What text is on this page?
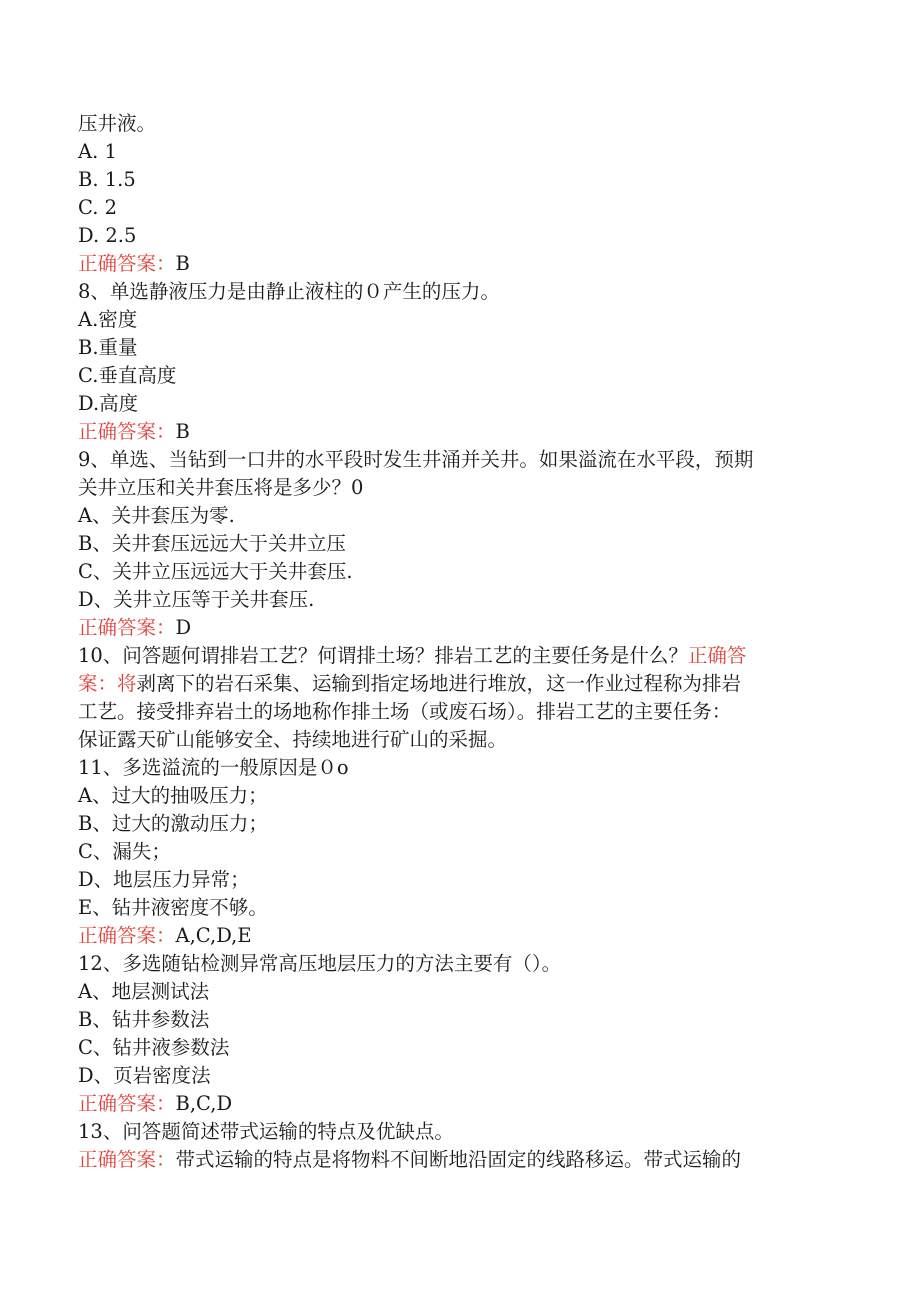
压井液。
A. 1
B. 1.5
C. 2
D. 2.5
正确答案：B
8、单选静液压力是由静止液柱的０产生的压力。
A.密度
B.重量
C.垂直高度
D.高度
正确答案：B
9、单选、当钻到一口井的水平段时发生井涌并关井。如果溢流在水平段，预期
关井立压和关井套压将是多少？0
A、关井套压为零.
B、关井套压远远大于关井立压
C、关井立压远远大于关井套压.
D、关井立压等于关井套压.
正确答案：D
10、问答题何谓排岩工艺？何谓排土场？排岩工艺的主要任务是什么？正确答
案：将剥离下的岩石采集、运输到指定场地进行堆放，这一作业过程称为排岩
工艺。接受排弃岩土的场地称作排土场（或废石场）。排岩工艺的主要任务：
保证露天矿山能够安全、持续地进行矿山的采掘。
11、多选溢流的一般原因是０o
A、过大的抽吸压力；
B、过大的激动压力；
C、漏失；
D、地层压力异常；
E、钻井液密度不够。
正确答案：A,C,D,E
12、多选随钻检测异常高压地层压力的方法主要有（）。
A、地层测试法
B、钻井参数法
C、钻井液参数法
D、页岩密度法
正确答案：B,C,D
13、问答题简述带式运输的特点及优缺点。
正确答案：带式运输的特点是将物料不间断地沿固定的线路移运。带式运输的
